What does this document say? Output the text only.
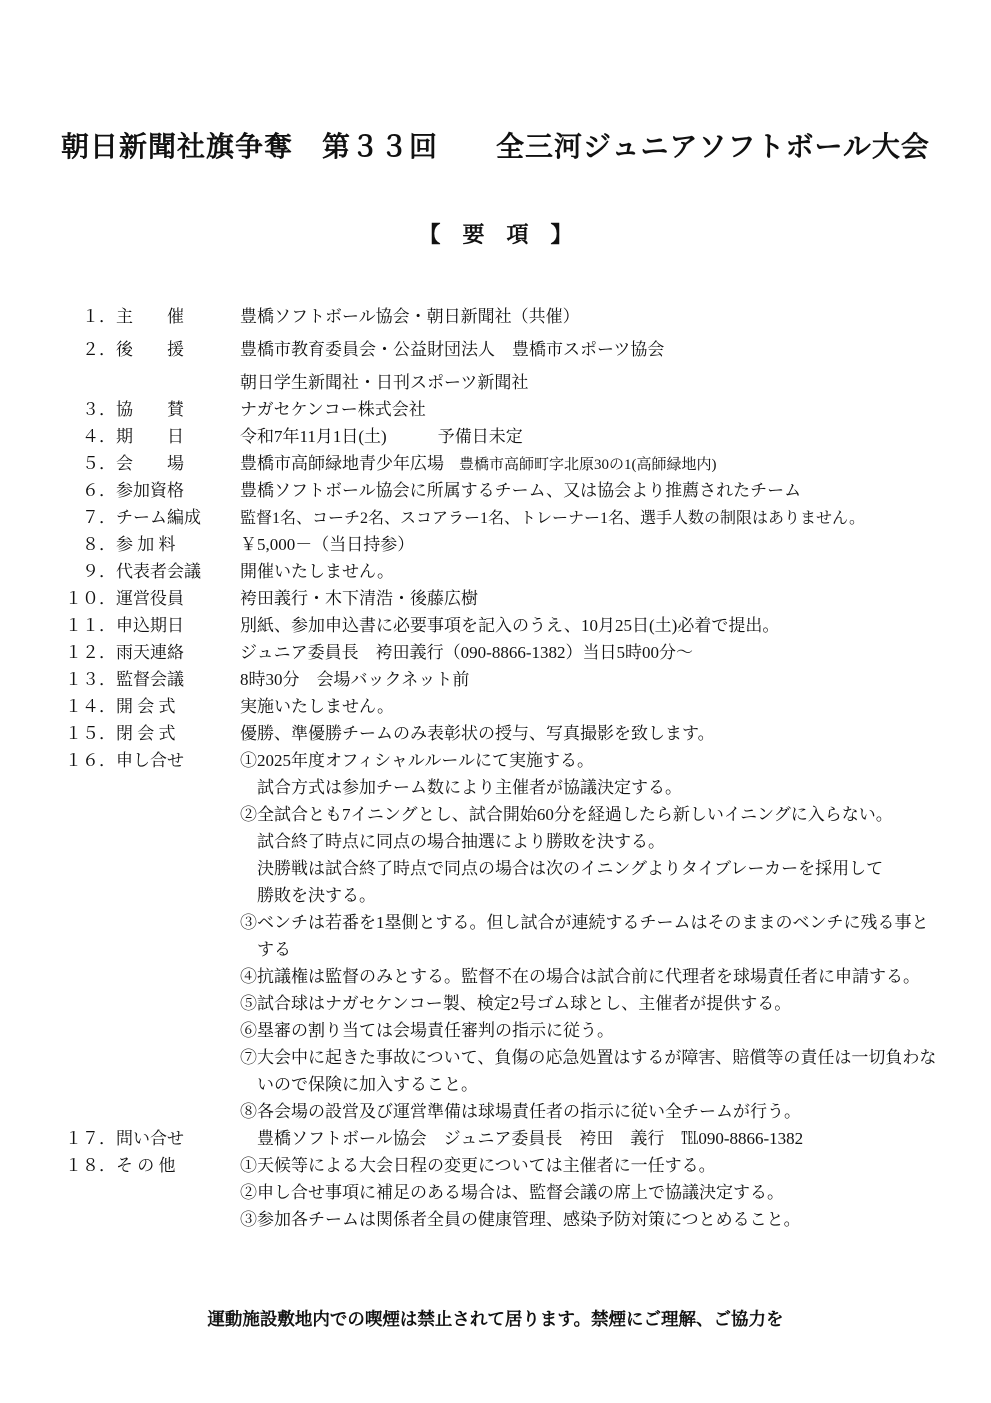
朝日新聞社旗争奪　第３３回　　全三河ジュニアソフトボール大会
【　要　項　】
１． 主　　催	豊橋ソフトボール協会・朝日新聞社（共催）
２． 後　　援	豊橋市教育委員会・公益財団法人　豊橋市スポーツ協会
朝日学生新聞社・日刊スポーツ新聞社
３． 協　　賛	ナガセケンコー株式会社
４． 期　　日	令和7年11月1日(土)　　　予備日未定
５． 会　　場	豊橋市高師緑地青少年広場　豊橋市高師町字北原30の1(高師緑地内)
６． 参加資格	豊橋ソフトボール協会に所属するチーム、又は協会より推薦されたチーム
７． チーム編成	監督1名、コーチ2名、スコアラー1名、トレーナー1名、選手人数の制限はありません。
８． 参 加 料	￥5,000－（当日持参）
９． 代表者会議	開催いたしません。
１０． 運営役員	袴田義行・木下清浩・後藤広樹
１１． 申込期日	別紙、参加申込書に必要事項を記入のうえ、10月25日(土)必着で提出。
１２． 雨天連絡	ジュニア委員長　袴田義行（090-8866-1382）当日5時00分～
１３． 監督会議	8時30分　会場バックネット前
１４． 開 会 式	実施いたしません。
１５． 閉 会 式	優勝、準優勝チームのみ表彰状の授与、写真撮影を致します。
１６． 申し合せ	①2025年度オフィシャルルールにて実施する。
　試合方式は参加チーム数により主催者が協議決定する。
②全試合とも7イニングとし、試合開始60分を経過したら新しいイニングに入らない。
　試合終了時点に同点の場合抽選により勝敗を決する。
　決勝戦は試合終了時点で同点の場合は次のイニングよりタイブレーカーを採用して
　勝敗を決する。
③ベンチは若番を1塁側とする。但し試合が連続するチームはそのままのベンチに残る事と
　する
④抗議権は監督のみとする。監督不在の場合は試合前に代理者を球場責任者に申請する。
⑤試合球はナガセケンコー製、検定2号ゴム球とし、主催者が提供する。
⑥塁審の割り当ては会場責任審判の指示に従う。
⑦大会中に起きた事故について、負傷の応急処置はするが障害、賠償等の責任は一切負わな
　いので保険に加入すること。
⑧各会場の設営及び運営準備は球場責任者の指示に従い全チームが行う。
１７． 問い合せ	　豊橋ソフトボール協会　ジュニア委員長　袴田　義行　℡090-8866-1382
１８． そ の 他	①天候等による大会日程の変更については主催者に一任する。
②申し合せ事項に補足のある場合は、監督会議の席上で協議決定する。
③参加各チームは関係者全員の健康管理、感染予防対策につとめること。
運動施設敷地内での喫煙は禁止されて居ります。禁煙にご理解、ご協力を
